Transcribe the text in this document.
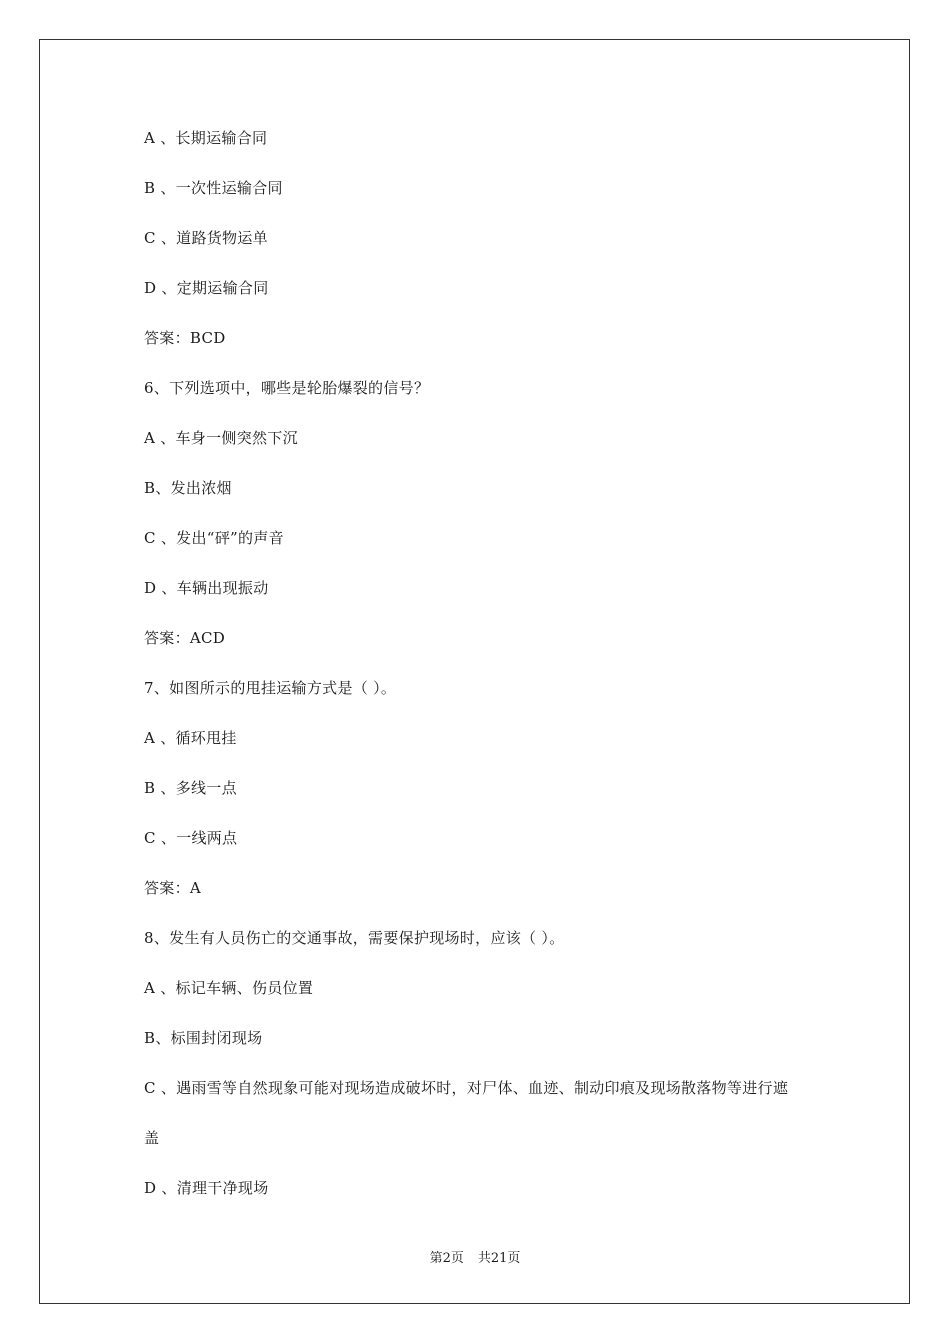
A 、长期运输合同
B 、一次性运输合同
C 、道路货物运单
D 、定期运输合同
答案：BCD
6、下列选项中，哪些是轮胎爆裂的信号？
A 、车身一侧突然下沉
B、发出浓烟
C 、发出“砰”的声音
D 、车辆出现振动
答案：ACD
7、如图所示的甩挂运输方式是（ ）。
A 、循环甩挂
B 、多线一点
C 、一线两点
答案：A
8、发生有人员伤亡的交通事故，需要保护现场时，应该（ ）。
A 、标记车辆、伤员位置
B、标围封闭现场
C 、遇雨雪等自然现象可能对现场造成破坏时，对尸体、血迹、制动印痕及现场散落物等进行遮
盖
D 、清理干净现场
第2页 共21页
